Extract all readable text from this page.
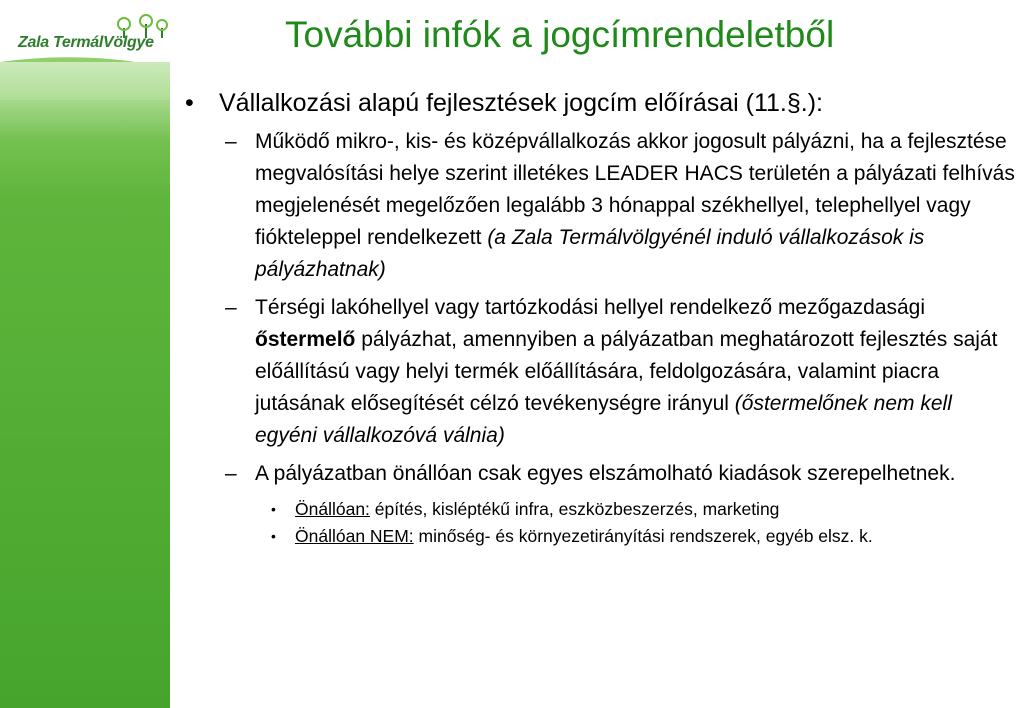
Zala TermálVölgye	További infók a jogcímrendeletből
• Vállalkozási alapú fejlesztések jogcím előírásai (11.§.):
– Működő mikro-, kis- és középvállalkozás akkor jogosult pályázni, ha a fejlesztése megvalósítási helye szerint illetékes LEADER HACS területén a pályázati felhívás megjelenését megelőzően legalább 3 hónappal székhellyel, telephellyel vagy fiókteleppel rendelkezett (a Zala Termálvölgyénél induló vállalkozások is pályázhatnak)
– Térségi lakóhellyel vagy tartózkodási hellyel rendelkező mezőgazdasági őstermelő pályázhat, amennyiben a pályázatban meghatározott fejlesztés saját előállítású vagy helyi termék előállítására, feldolgozására, valamint piacra jutásának elősegítését célzó tevékenységre irányul (őstermelőnek nem kell egyéni vállalkozóvá válnia)
– A pályázatban önállóan csak egyes elszámolható kiadások szerepelhetnek.
• Önállóan: építés, kisléptékű infra, eszközbeszerzés, marketing
• Önállóan NEM: minőség- és környezetirányítási rendszerek, egyéb elsz. k.
